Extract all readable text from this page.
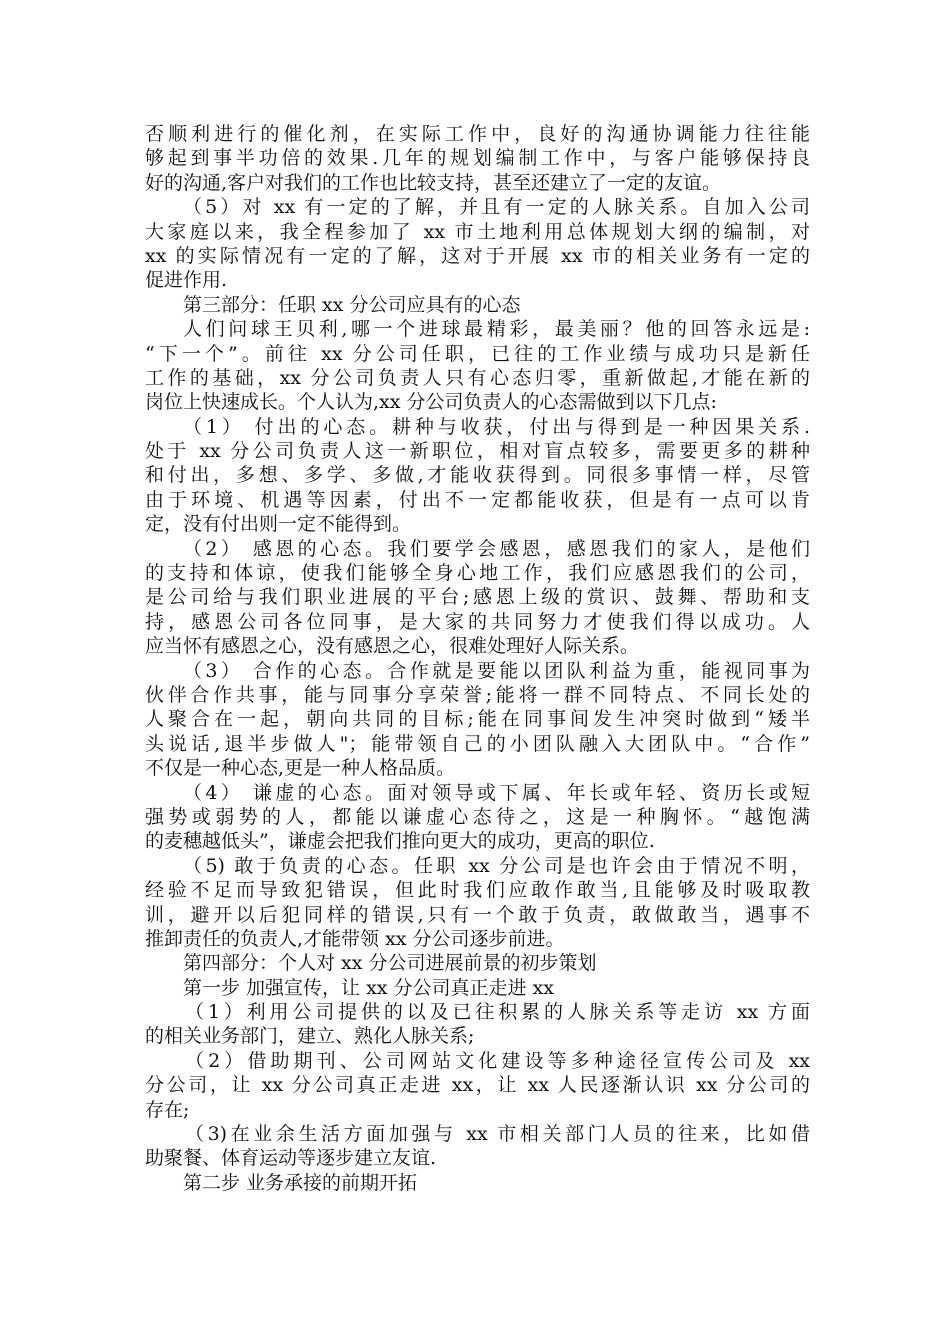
否顺利进行的催化剂，在实际工作中，良好的沟通协调能力往往能
够起到事半功倍的效果.几年的规划编制工作中，与客户能够保持良
好的沟通,客户对我们的工作也比较支持，甚至还建立了一定的友谊。
（5）对 xx 有一定的了解，并且有一定的人脉关系。自加入公司
大家庭以来，我全程参加了 xx 市土地利用总体规划大纲的编制，对
xx 的实际情况有一定的了解，这对于开展 xx 市的相关业务有一定的
促进作用.
第三部分：任职 xx 分公司应具有的心态
人们问球王贝利,哪一个进球最精彩，最美丽？他的回答永远是:
“下一个”。前往 xx 分公司任职，已往的工作业绩与成功只是新任
工作的基础，xx 分公司负责人只有心态归零，重新做起,才能在新的
岗位上快速成长。个人认为,xx 分公司负责人的心态需做到以下几点:
（1） 付出的心态。耕种与收获，付出与得到是一种因果关系.
处于 xx 分公司负责人这一新职位，相对盲点较多，需要更多的耕种
和付出，多想、多学、多做,才能收获得到。同很多事情一样，尽管
由于环境、机遇等因素，付出不一定都能收获，但是有一点可以肯
定，没有付出则一定不能得到。
（2） 感恩的心态。我们要学会感恩，感恩我们的家人，是他们
的支持和体谅，使我们能够全身心地工作，我们应感恩我们的公司，
是公司给与我们职业进展的平台;感恩上级的赏识、鼓舞、帮助和支
持，感恩公司各位同事，是大家的共同努力才使我们得以成功。人
应当怀有感恩之心，没有感恩之心，很难处理好人际关系。
（3） 合作的心态。合作就是要能以团队利益为重，能视同事为
伙伴合作共事，能与同事分享荣誉;能将一群不同特点、不同长处的
人聚合在一起，朝向共同的目标;能在同事间发生冲突时做到“矮半
头说话,退半步做人"；能带领自己的小团队融入大团队中。“合作”
不仅是一种心态,更是一种人格品质。
（4） 谦虚的心态。面对领导或下属、年长或年轻、资历长或短
强势或弱势的人，都能以谦虚心态待之，这是一种胸怀。“越饱满
的麦穗越低头”，谦虚会把我们推向更大的成功，更高的职位.
（5) 敢于负责的心态。任职 xx 分公司是也许会由于情况不明，
经验不足而导致犯错误，但此时我们应敢作敢当,且能够及时吸取教
训，避开以后犯同样的错误,只有一个敢于负责，敢做敢当，遇事不
推卸责任的负责人,才能带领 xx 分公司逐步前进。
第四部分：个人对 xx 分公司进展前景的初步策划
第一步 加强宣传，让 xx 分公司真正走进 xx
（1）利用公司提供的以及已往积累的人脉关系等走访 xx 方面
的相关业务部门，建立、熟化人脉关系;
（2）借助期刊、公司网站文化建设等多种途径宣传公司及 xx
分公司，让 xx 分公司真正走进 xx，让 xx 人民逐渐认识 xx 分公司的
存在;
（3)在业余生活方面加强与 xx 市相关部门人员的往来，比如借
助聚餐、体育运动等逐步建立友谊.
第二步 业务承接的前期开拓
